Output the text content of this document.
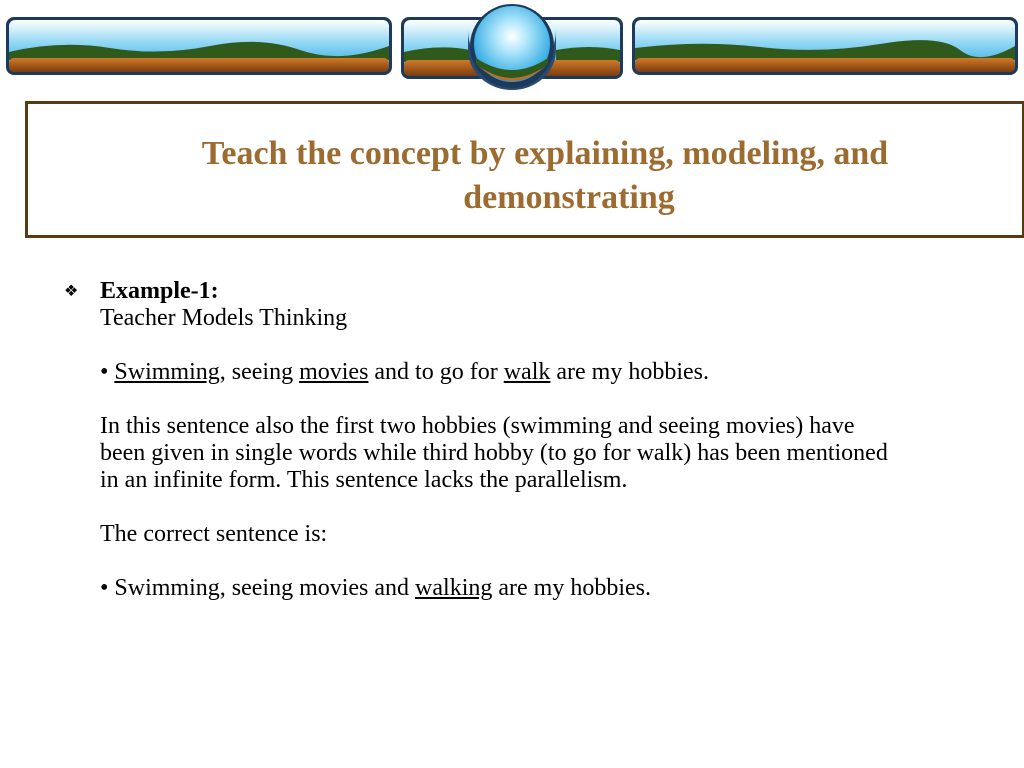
Teach the concept by explaining, modeling, and
demonstrating
❖ Example-1:
Teacher Models Thinking
• Swimming, seeing movies and to go for walk are my hobbies.
In this sentence also the first two hobbies (swimming and seeing movies) have
been given in single words while third hobby (to go for walk) has been mentioned
in an infinite form. This sentence lacks the parallelism.
The correct sentence is:
• Swimming, seeing movies and walking are my hobbies.
